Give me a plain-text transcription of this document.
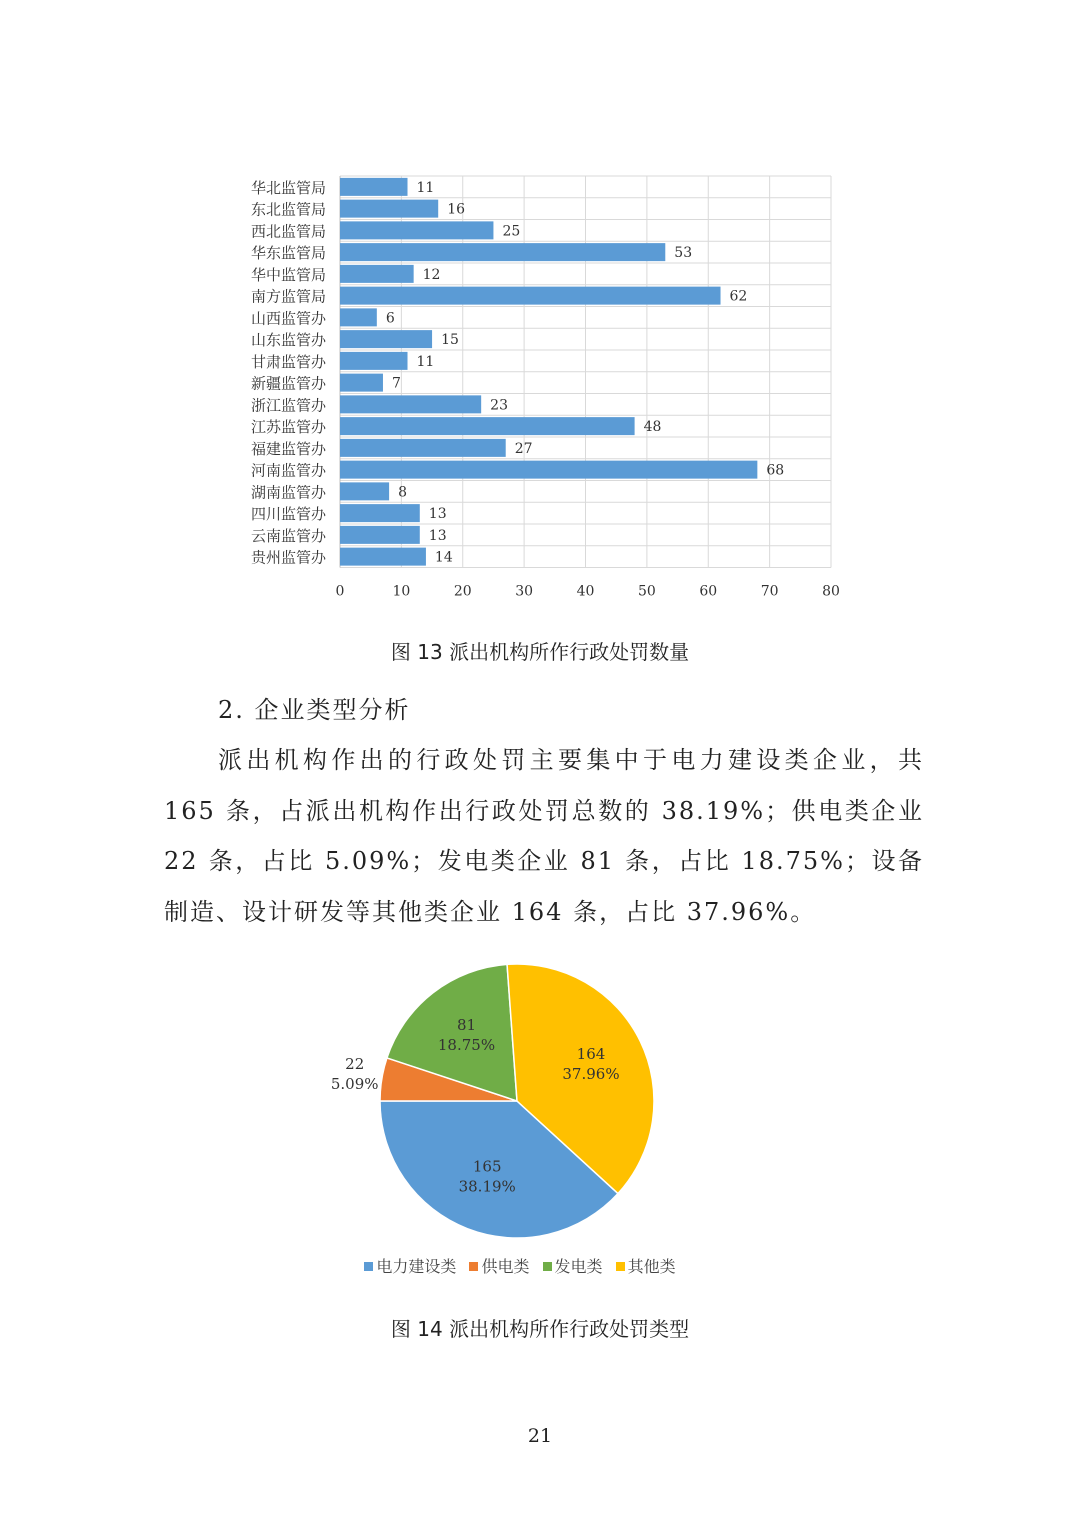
华北监管局	11
东北监管局	16
西北监管局	25
华东监管局	53
华中监管局	12
南方监管局	62
山西监管办	6
山东监管办	15
甘肃监管办	11
新疆监管办	7
浙江监管办	23
江苏监管办	48
福建监管办	27
河南监管办	68
湖南监管办	8
四川监管办	13
云南监管办	13
贵州监管办	14
0	10	20	30	40	50	60	70	80
图 13 派出机构所作行政处罚数量
2. 企业类型分析
派出机构作出的行政处罚主要集中于电力建设类企业，共 165 条，占派出机构作出行政处罚总数的 38.19%；供电类企业 22 条，占比 5.09%；发电类企业 81 条，占比 18.75%；设备制造、设计研发等其他类企业 164 条，占比 37.96%。
165
38.19%
22
5.09%
81
18.75%
164
37.96%
电力建设类 供电类 发电类 其他类
图 14 派出机构所作行政处罚类型
21
